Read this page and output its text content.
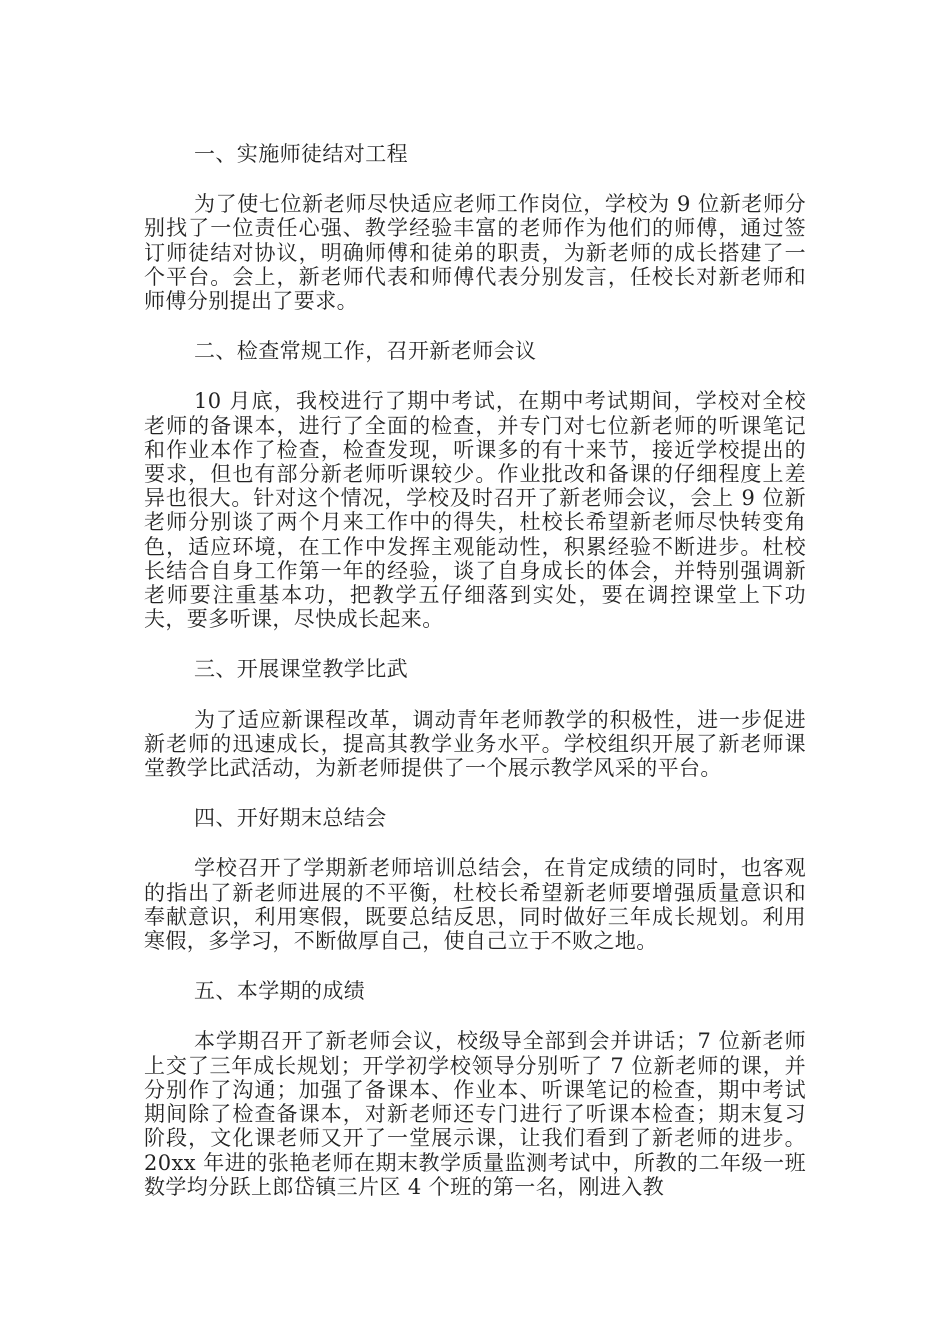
一、实施师徒结对工程

为了使七位新老师尽快适应老师工作岗位，学校为 9 位新老师分别找了一位责任心强、教学经验丰富的老师作为他们的师傅，通过签订师徒结对协议，明确师傅和徒弟的职责，为新老师的成长搭建了一个平台。会上，新老师代表和师傅代表分别发言，任校长对新老师和师傅分别提出了要求。

二、检查常规工作，召开新老师会议

10 月底，我校进行了期中考试，在期中考试期间，学校对全校老师的备课本，进行了全面的检查，并专门对七位新老师的听课笔记和作业本作了检查，检查发现，听课多的有十来节，接近学校提出的要求，但也有部分新老师听课较少。作业批改和备课的仔细程度上差异也很大。针对这个情况，学校及时召开了新老师会议，会上 9 位新老师分别谈了两个月来工作中的得失，杜校长希望新老师尽快转变角色，适应环境，在工作中发挥主观能动性，积累经验不断进步。杜校长结合自身工作第一年的经验，谈了自身成长的体会，并特别强调新老师要注重基本功，把教学五仔细落到实处，要在调控课堂上下功夫，要多听课，尽快成长起来。

三、开展课堂教学比武

为了适应新课程改革，调动青年老师教学的积极性，进一步促进新老师的迅速成长，提高其教学业务水平。学校组织开展了新老师课堂教学比武活动，为新老师提供了一个展示教学风采的平台。

四、开好期末总结会

学校召开了学期新老师培训总结会，在肯定成绩的同时，也客观的指出了新老师进展的不平衡，杜校长希望新老师要增强质量意识和奉献意识，利用寒假，既要总结反思，同时做好三年成长规划。利用寒假，多学习，不断做厚自己，使自己立于不败之地。

五、本学期的成绩

本学期召开了新老师会议，校级导全部到会并讲话；7 位新老师上交了三年成长规划；开学初学校领导分别听了 7 位新老师的课，并分别作了沟通；加强了备课本、作业本、听课笔记的检查，期中考试期间除了检查备课本，对新老师还专门进行了听课本检查；期末复习阶段，文化课老师又开了一堂展示课，让我们看到了新老师的进步。20xx 年进的张艳老师在期末教学质量监测考试中，所教的二年级一班数学均分跃上郎岱镇三片区 4 个班的第一名，刚进入教
